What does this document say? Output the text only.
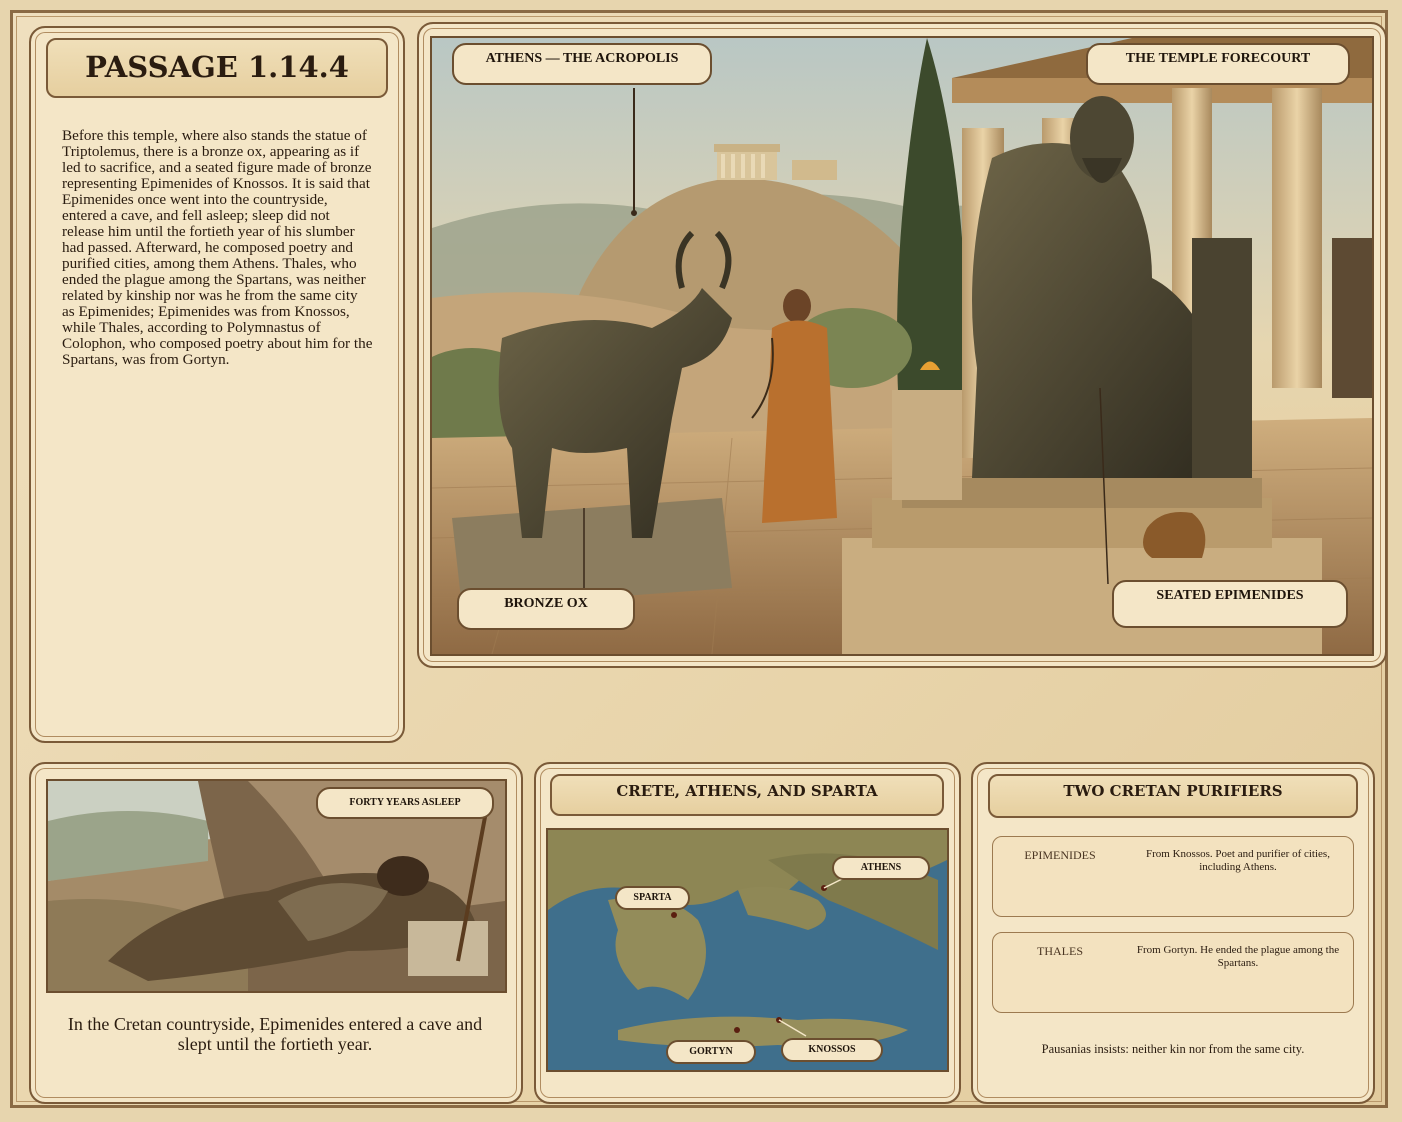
PASSAGE 1.14.4
Before this temple, where also stands the statue of Triptolemus, there is a bronze ox, appearing as if led to sacrifice, and a seated figure made of bronze representing Epimenides of Knossos. It is said that Epimenides once went into the countryside, entered a cave, and fell asleep; sleep did not release him until the fortieth year of his slumber had passed. Afterward, he composed poetry and purified cities, among them Athens. Thales, who ended the plague among the Spartans, was neither related by kinship nor was he from the same city as Epimenides; Epimenides was from Knossos, while Thales, according to Polymnastus of Colophon, who composed poetry about him for the Spartans, was from Gortyn.
ATHENS — THE ACROPOLIS	THE TEMPLE FORECOURT
BRONZE OX
SEATED EPIMENIDES
FORTY YEARS ASLEEP
In the Cretan countryside, Epimenides entered a cave and slept until the fortieth year.
CRETE, ATHENS, AND SPARTA
ATHENS
SPARTA
GORTYN	KNOSSOS
TWO CRETAN PURIFIERS
EPIMENIDES	From Knossos. Poet and purifier of cities, including Athens.
THALES	From Gortyn. He ended the plague among the Spartans.
Pausanias insists: neither kin nor from the same city.
